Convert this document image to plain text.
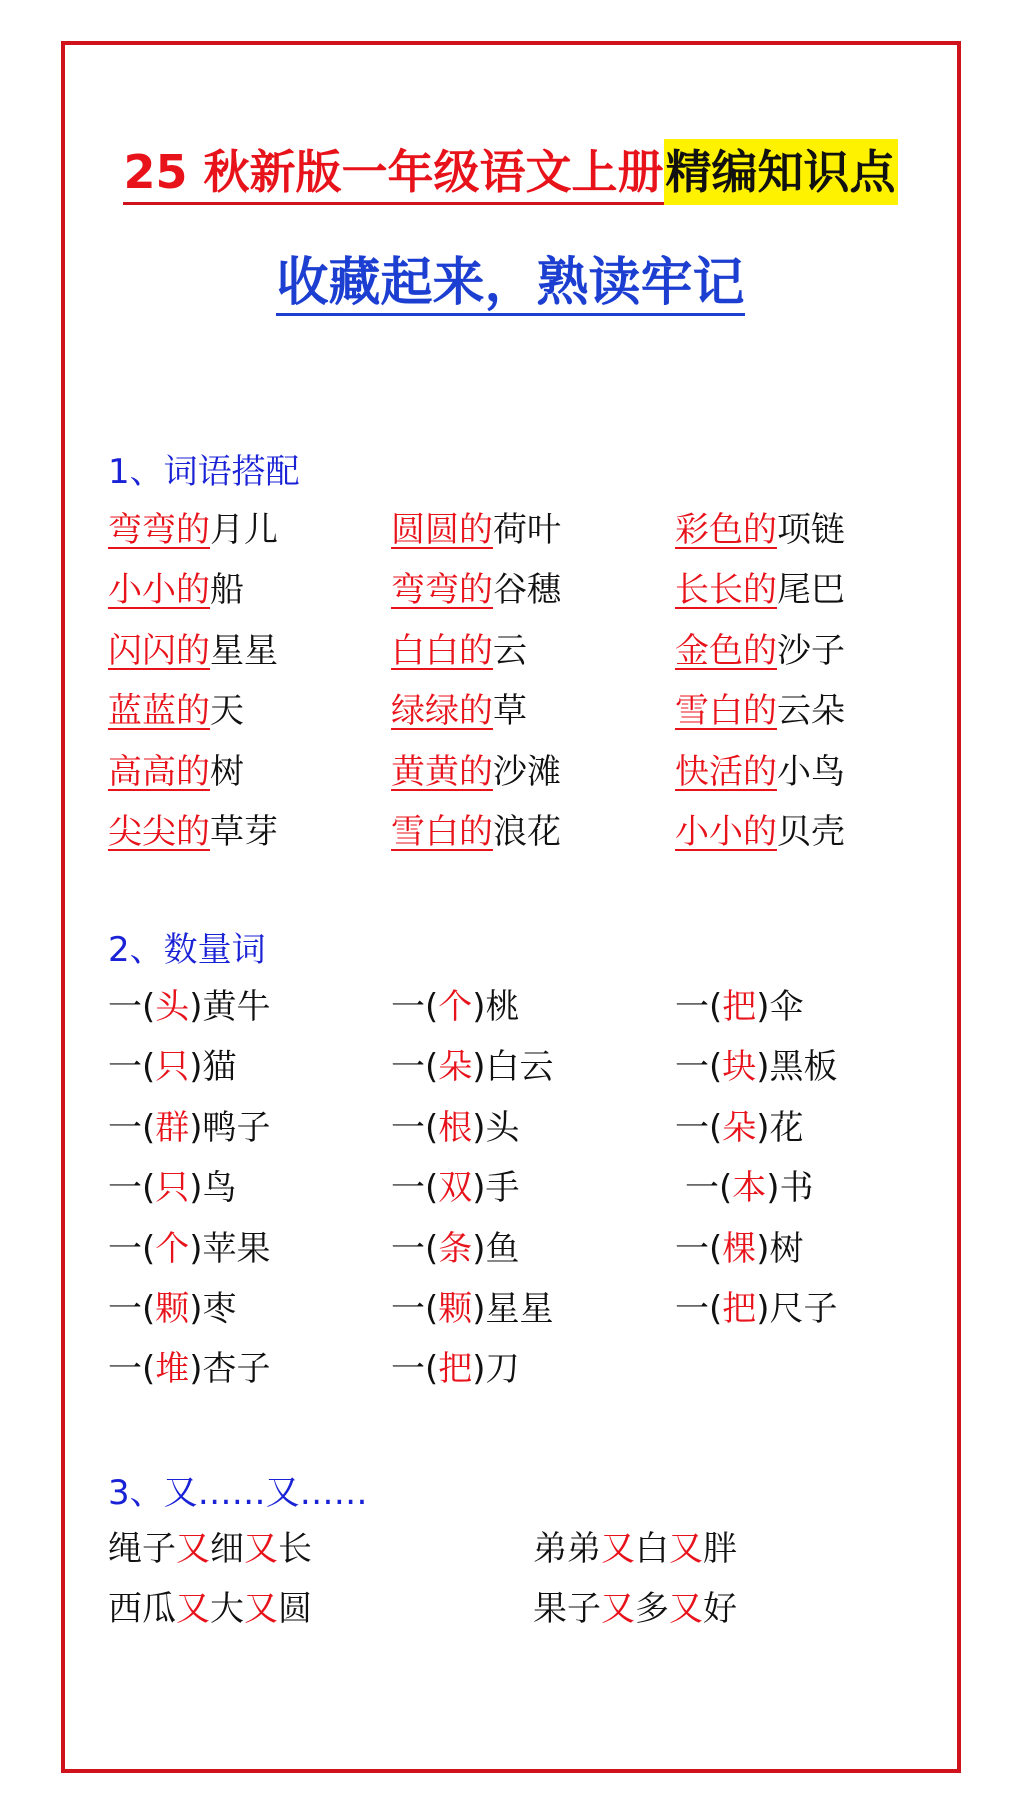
25 秋新版一年级语文上册精编知识点
收藏起来，熟读牢记
1、词语搭配
弯弯的月儿	圆圆的荷叶	彩色的项链
小小的船	弯弯的谷穗	长长的尾巴
闪闪的星星	白白的云	金色的沙子
蓝蓝的天	绿绿的草	雪白的云朵
高高的树	黄黄的沙滩	快活的小鸟
尖尖的草芽	雪白的浪花	小小的贝壳
2、数量词
一(头)黄牛	一(个)桃	一(把)伞
一(只)猫	一(朵)白云	一(块)黑板
一(群)鸭子	一(根)头	一(朵)花
一(只)鸟	一(双)手	一(本)书
一(个)苹果	一(条)鱼	一(棵)树
一(颗)枣	一(颗)星星	一(把)尺子
一(堆)杏子	一(把)刀
3、又……又……
绳子又细又长	弟弟又白又胖
西瓜又大又圆	果子又多又好
